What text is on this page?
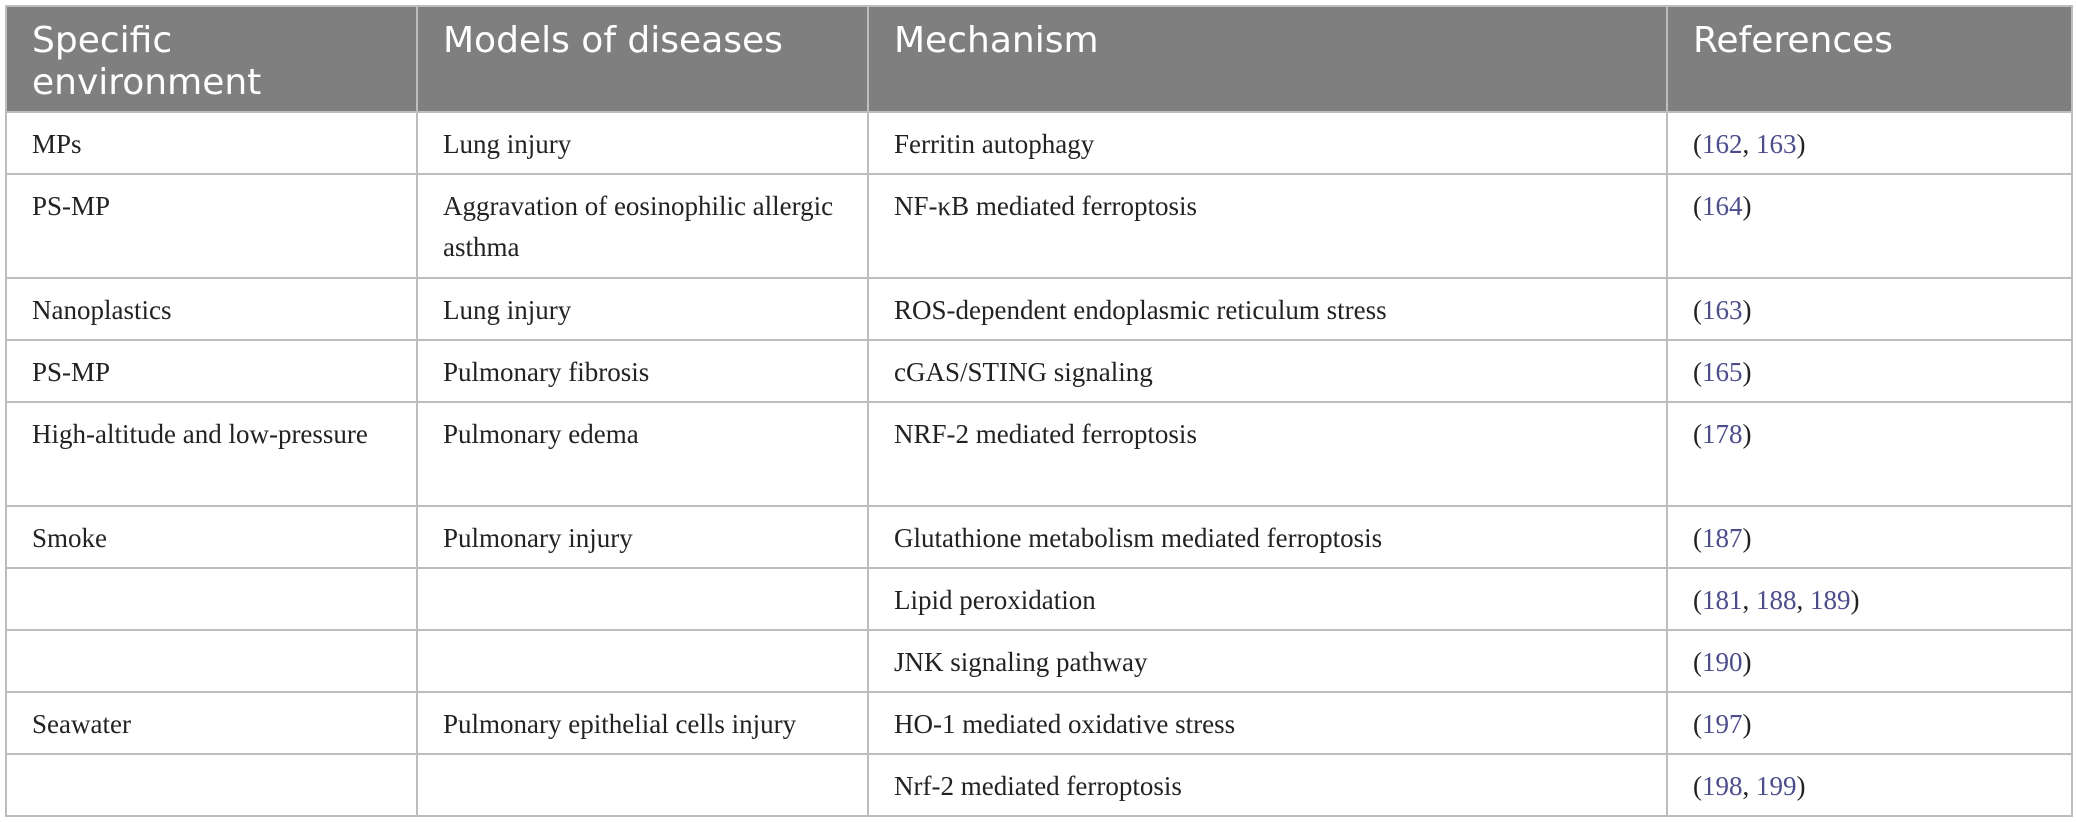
Specific
environment	Models of diseases	Mechanism	References
MPs	Lung injury	Ferritin autophagy	(162, 163)
PS-MP	Aggravation of eosinophilic allergic asthma	NF-κB mediated ferroptosis	(164)
Nanoplastics	Lung injury	ROS-dependent endoplasmic reticulum stress	(163)
PS-MP	Pulmonary fibrosis	cGAS/STING signaling	(165)
High-altitude and low-pressure	Pulmonary edema	NRF-2 mediated ferroptosis	(178)
Smoke	Pulmonary injury	Glutathione metabolism mediated ferroptosis	(187)
		Lipid peroxidation	(181, 188, 189)
		JNK signaling pathway	(190)
Seawater	Pulmonary epithelial cells injury	HO-1 mediated oxidative stress	(197)
		Nrf-2 mediated ferroptosis	(198, 199)
